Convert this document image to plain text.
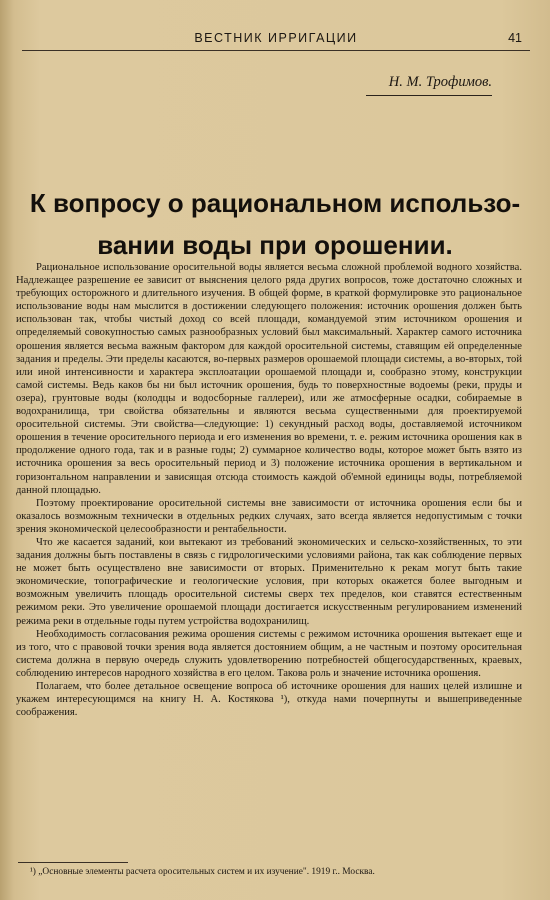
ВЕСТНИК ИРРИГАЦИИ	41
Н. М. Трофимов.
К вопросу о рациональном использо-
вании воды при орошении.

Рациональное использование оросительной воды является весьма сложной проблемой водного хозяйства. Надлежащее разрешение ее зависит от выяснения целого ряда других вопросов, тоже достаточно сложных и требующих осторожного и длительного изучения. В общей форме, в краткой формулировке это рациональное использование воды нам мыслится в достижении следующего положения: источник орошения должен быть использован так, чтобы чистый доход со всей площади, командуемой этим источником орошения и определяемый совокупностью самых разнообразных условий был максимальный. Характер самого источника орошения является весьма важным фактором для каждой оросительной системы, ставящим ей определенные задания и пределы. Эти пределы касаются, во-первых размеров орошаемой площади системы, а во-вторых, той или иной интенсивности и характера эксплоатации орошаемой площади и, сообразно этому, конструкции самой системы. Ведь каков бы ни был источник орошения, будь то поверхностные водоемы (реки, пруды и озера), грунтовые воды (колодцы и водосборные галлереи), или же атмосферные осадки, собираемые в водохранилища, три свойства обязательны и являются весьма существенными для проектируемой оросительной системы. Эти свойства—следующие: 1) секундный расход воды, доставляемой источником орошения в течение оросительного периода и его изменения во времени, т. е. режим источника орошения как в продолжение одного года, так и в разные годы; 2) суммарное количество воды, которое может быть взято из источника орошения за весь оросительный период и 3) положение источника орошения в вертикальном и горизонтальном направлении и зависящая отсюда стоимость каждой об'емной единицы воды, потребляемой данной площадью.

Поэтому проектирование оросительной системы вне зависимости от источника орошения если бы и оказалось возможным технически в отдельных редких случаях, зато всегда является недопустимым с точки зрения экономической целесообразности и рентабельности.

Что же касается заданий, кои вытекают из требований экономических и сельско-хозяйственных, то эти задания должны быть поставлены в связь с гидрологическими условиями района, так как соблюдение первых не может быть осуществлено вне зависимости от вторых. Применительно к рекам могут быть такие экономические, топографические и геологические условия, при которых окажется более выгодным и возможным увеличить площадь оросительной системы сверх тех пределов, кои ставятся естественным режимом реки. Это увеличение орошаемой площади достигается искусственным регулированием изменений режима реки в отдельные годы путем устройства водохранилищ.

Необходимость согласования режима орошения системы с режимом источника орошения вытекает еще и из того, что с правовой точки зрения вода является достоянием общим, а не частным и поэтому оросительная система должна в первую очередь служить удовлетворению потребностей общегосударственных, краевых, соблюдению интересов народного хозяйства в его целом. Такова роль и значение источника орошения.

Полагаем, что более детальное освещение вопроса об источнике орошения для наших целей излишне и укажем интересующимся на книгу Н. А. Костякова ¹), откуда нами почерпнуты и вышеприведенные соображения.

¹) „Основные элементы расчета оросительных систем и их изучение". 1919 г.. Москва.
